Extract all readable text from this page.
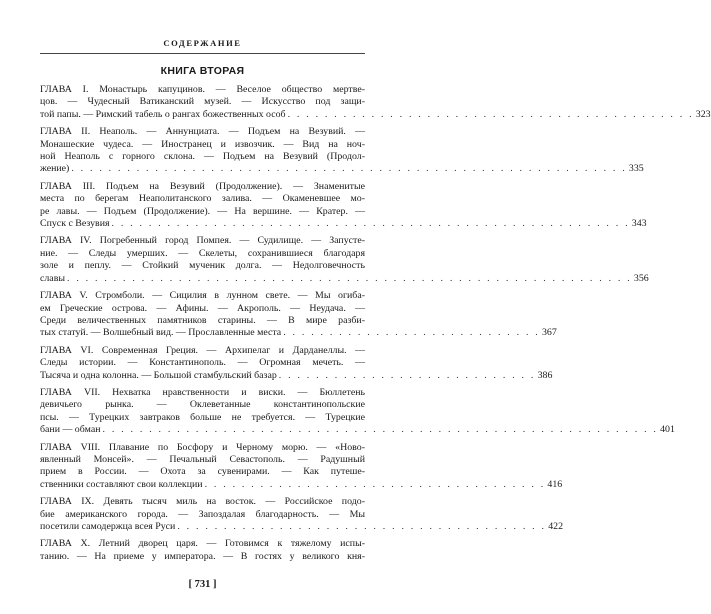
СОДЕРЖАНИЕ
КНИГА ВТОРАЯ
ГЛАВА I. Монастырь капуцинов. — Веселое общество мертве-
цов. — Чудесный Ватиканский музей. — Искусство под защи-
той папы. — Римский табель о рангах божественных особ . . . . . . . . . . . . . . . . . . . . . . . . . . . . . . . . . . . . . . . . . . . . 323
ГЛАВА II. Неаполь. — Аннунциата. — Подъем на Везувий. —
Монашеские чудеса. — Иностранец и извозчик. — Вид на ноч-
ной Неаполь с горного склона. — Подъем на Везувий (Продол-
жение) . . . . . . . . . . . . . . . . . . . . . . . . . . . . . . . . . . . . . . . . . . . . . . . . . . . . . . . . . . . . 335
ГЛАВА III. Подъем на Везувий (Продолжение). — Знаменитые
места по берегам Неаполитанского залива. — Окаменевшее мо-
ре лавы. — Подъем (Продолжение). — На вершине. — Кратер. —
Спуск с Везувия . . . . . . . . . . . . . . . . . . . . . . . . . . . . . . . . . . . . . . . . . . . . . . . . . . . . . . . . 343
ГЛАВА IV. Погребенный город Помпея. — Судилище. — Запусте-
ние. — Следы умерших. — Скелеты, сохранившиеся благодаря
золе и пеплу. — Стойкий мученик долга. — Недолговечность
славы . . . . . . . . . . . . . . . . . . . . . . . . . . . . . . . . . . . . . . . . . . . . . . . . . . . . . . . . . . . . . 356
ГЛАВА V. Стромболи. — Сицилия в лунном свете. — Мы огиба-
ем Греческие острова. — Афины. — Акрополь. — Неудача. —
Среди величественных памятников старины. — В мире разби-
тых статуй. — Волшебный вид. — Прославленные места . . . . . . . . . . . . . . . . . . . . . . . . . . . . 367
ГЛАВА VI. Современная Греция. — Архипелаг и Дарданеллы. —
Следы истории. — Константинополь. — Огромная мечеть. —
Тысяча и одна колонна. — Большой стамбульский базар . . . . . . . . . . . . . . . . . . . . . . . . . . . . 386
ГЛАВА VII. Нехватка нравственности и виски. — Бюллетень
девичьего рынка. — Оклеветанные константинопольские
псы. — Турецких завтраков больше не требуется. — Турецкие
бани — обман . . . . . . . . . . . . . . . . . . . . . . . . . . . . . . . . . . . . . . . . . . . . . . . . . . . . . . . . . . . . 401
ГЛАВА VIII. Плавание по Босфору и Черному морю. — «Ново-
явленный Монсей». — Печальный Севастополь. — Радушный
прием в России. — Охота за сувенирами. — Как путеше-
ственники составляют свои коллекции . . . . . . . . . . . . . . . . . . . . . . . . . . . . . . . . . . . . . 416
ГЛАВА IX. Девять тысяч миль на восток. — Российское подо-
бие американского города. — Запоздалая благодарность. — Мы
посетили самодержца всея Руси . . . . . . . . . . . . . . . . . . . . . . . . . . . . . . . . . . . . . . . . 422
ГЛАВА X. Летний дворец царя. — Готовимся к тяжелому испы-
танию. — На приеме у императора. — В гостях у великого кня-
[ 731 ]
